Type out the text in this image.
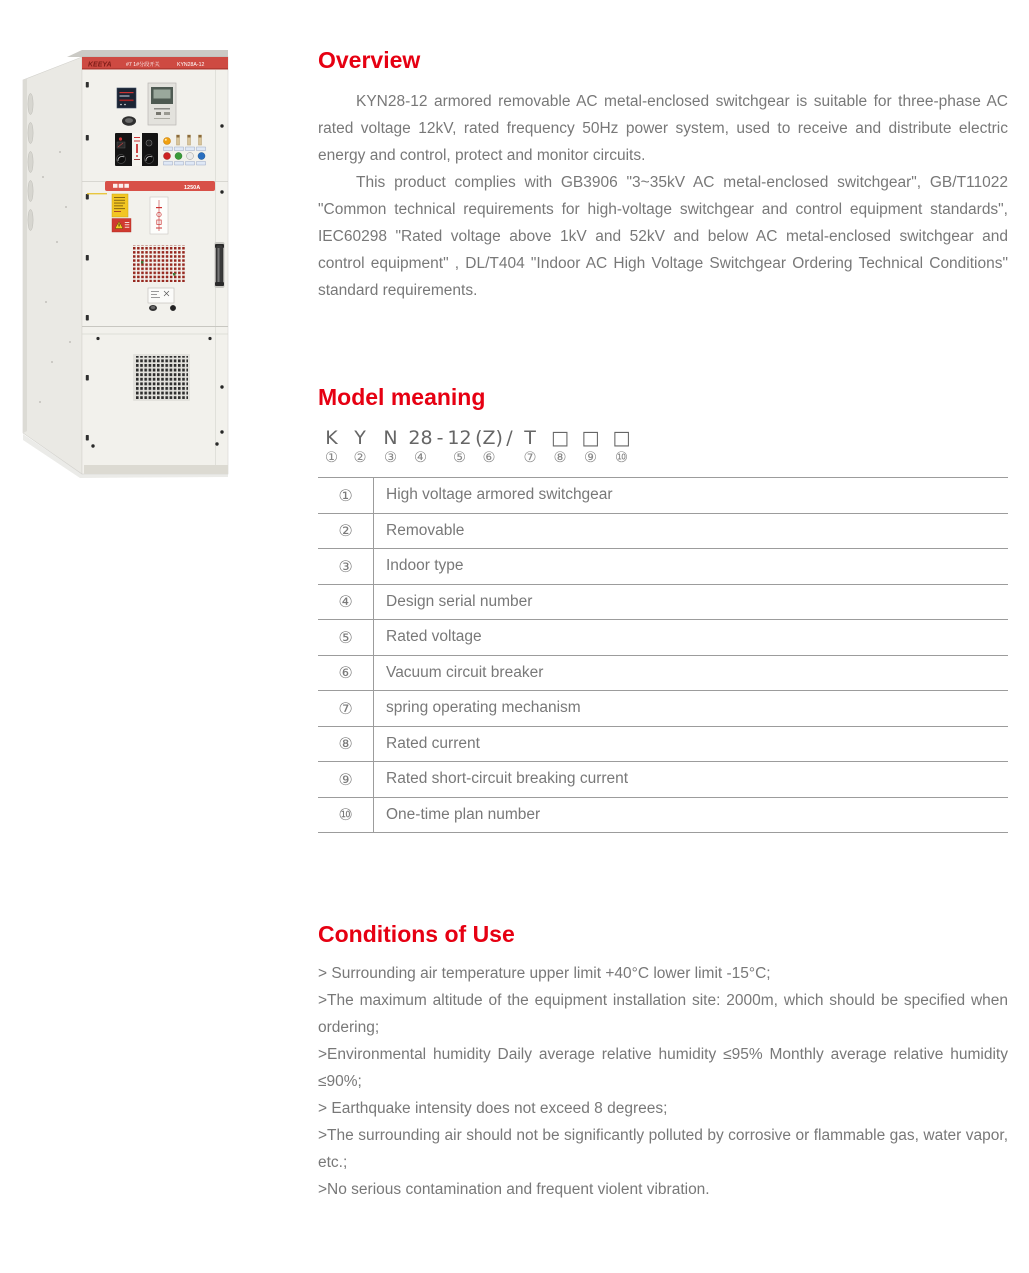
KEEYA	#7 1#分段开关	KYN28A-12
1250A
Overview

KYN28-12 armored removable AC metal-enclosed switchgear is suitable for three-phase AC rated voltage 12kV, rated frequency 50Hz power system, used to receive and distribute electric energy and control, protect and monitor circuits.

This product complies with GB3906 "3~35kV AC metal-enclosed switchgear", GB/T11022 "Common technical requirements for high-voltage switchgear and control equipment standards", IEC60298 "Rated voltage above 1kV and 52kV and below AC metal-enclosed switchgear and control equipment" , DL/T404 "Indoor AC High Voltage Switchgear Ordering Technical Conditions" standard requirements.

Model meaning
K
①
Y
②
N
③
28
④
- 12
⑤
(Z)
⑥
/ T
⑦
□
⑧
□
⑨
□
⑩
①	High voltage armored switchgear
②	Removable
③	Indoor type
④	Design serial number
⑤	Rated voltage
⑥	Vacuum circuit breaker
⑦	spring operating mechanism
⑧	Rated current
⑨	Rated short-circuit breaking current
⑩	One-time plan number
Conditions of Use

> Surrounding air temperature upper limit +40°C lower limit -15°C;

>The maximum altitude of the equipment installation site: 2000m, which should be specified when ordering;

>Environmental humidity Daily average relative humidity ≤95% Monthly average relative humidity ≤90%;

> Earthquake intensity does not exceed 8 degrees;

>The surrounding air should not be significantly polluted by corrosive or flammable gas, water vapor, etc.;

>No serious contamination and frequent violent vibration.
